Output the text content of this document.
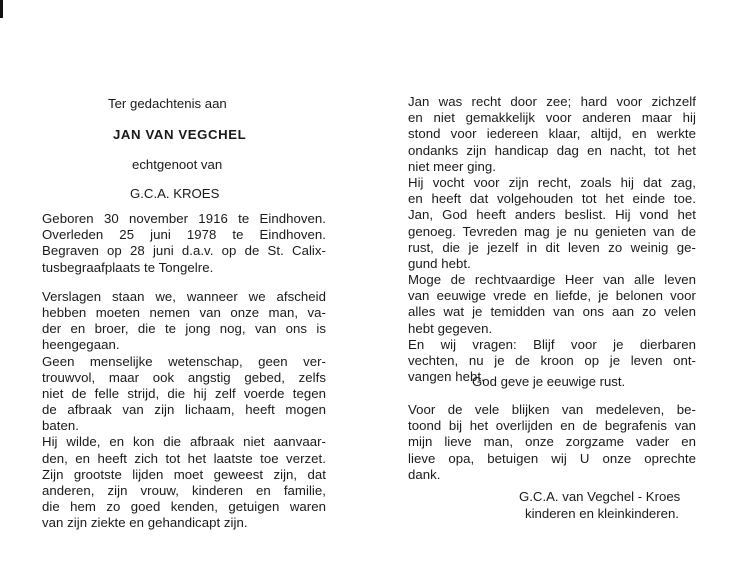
Ter gedachtenis aan
JAN VAN VEGCHEL
echtgenoot van
G.C.A. KROES
Geboren 30 november 1916 te Eindhoven.
Overleden 25 juni 1978 te Eindhoven.
Begraven op 28 juni d.a.v. op de St. Calix-
tusbegraafplaats te Tongelre.
Verslagen staan we, wanneer we afscheid
hebben moeten nemen van onze man, va-
der en broer, die te jong nog, van ons is
heengegaan.
Geen menselijke wetenschap, geen ver-
trouwvol, maar ook angstig gebed, zelfs
niet de felle strijd, die hij zelf voerde tegen
de afbraak van zijn lichaam, heeft mogen
baten.
Hij wilde, en kon die afbraak niet aanvaar-
den, en heeft zich tot het laatste toe verzet.
Zijn grootste lijden moet geweest zijn, dat
anderen, zijn vrouw, kinderen en familie,
die hem zo goed kenden, getuigen waren
van zijn ziekte en gehandicapt zijn.
Jan was recht door zee; hard voor zichzelf
en niet gemakkelijk voor anderen maar hij
stond voor iedereen klaar, altijd, en werkte
ondanks zijn handicap dag en nacht, tot het
niet meer ging.
Hij vocht voor zijn recht, zoals hij dat zag,
en heeft dat volgehouden tot het einde toe.
Jan, God heeft anders beslist. Hij vond het
genoeg. Tevreden mag je nu genieten van de
rust, die je jezelf in dit leven zo weinig ge-
gund hebt.
Moge de rechtvaardige Heer van alle leven
van eeuwige vrede en liefde, je belonen voor
alles wat je temidden van ons aan zo velen
hebt gegeven.
En wij vragen: Blijf voor je dierbaren
vechten, nu je de kroon op je leven ont-
vangen hebt.
God geve je eeuwige rust.
Voor de vele blijken van medeleven, be-
toond bij het overlijden en de begrafenis van
mijn lieve man, onze zorgzame vader en
lieve opa, betuigen wij U onze oprechte
dank.
G.C.A. van Vegchel - Kroes
kinderen en kleinkinderen.
